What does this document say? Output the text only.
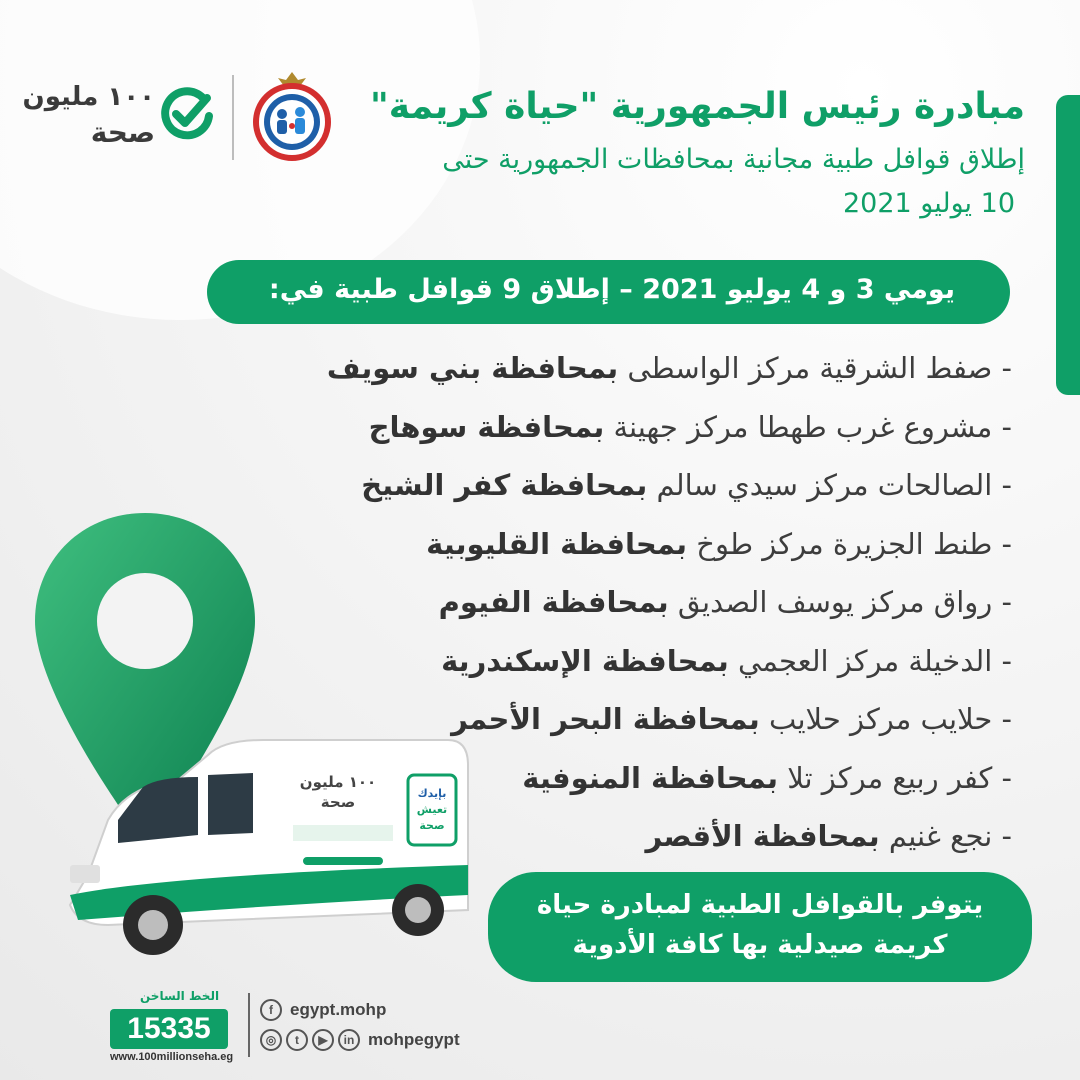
١٠٠ مليون
صحة
مبادرة رئيس الجمهورية "حياة كريمة"
إطلاق قوافل طبية مجانية بمحافظات الجمهورية حتى
10 يوليو 2021
يومي 3 و 4 يوليو 2021 – إطلاق 9 قوافل طبية في:
- صفط الشرقية مركز الواسطى بمحافظة بني سويف
- مشروع غرب طهطا مركز جهينة بمحافظة سوهاج
- الصالحات مركز سيدي سالم بمحافظة كفر الشيخ
- طنط الجزيرة مركز طوخ بمحافظة القليوبية
- رواق مركز يوسف الصديق بمحافظة الفيوم
- الدخيلة مركز العجمي بمحافظة الإسكندرية
- حلايب مركز حلايب بمحافظة البحر الأحمر
- كفر ربيع مركز تلا بمحافظة المنوفية
- نجع غنيم بمحافظة الأقصر
بإيدك
تعيش
صحة
١٠٠ مليون
صحة
يتوفر بالقوافل الطبية لمبادرة حياة
كريمة صيدلية بها كافة الأدوية
الخط الساخن
15335
www.100millionseha.eg
f	egypt.mohp
◎	t	▶	in mohpegypt
